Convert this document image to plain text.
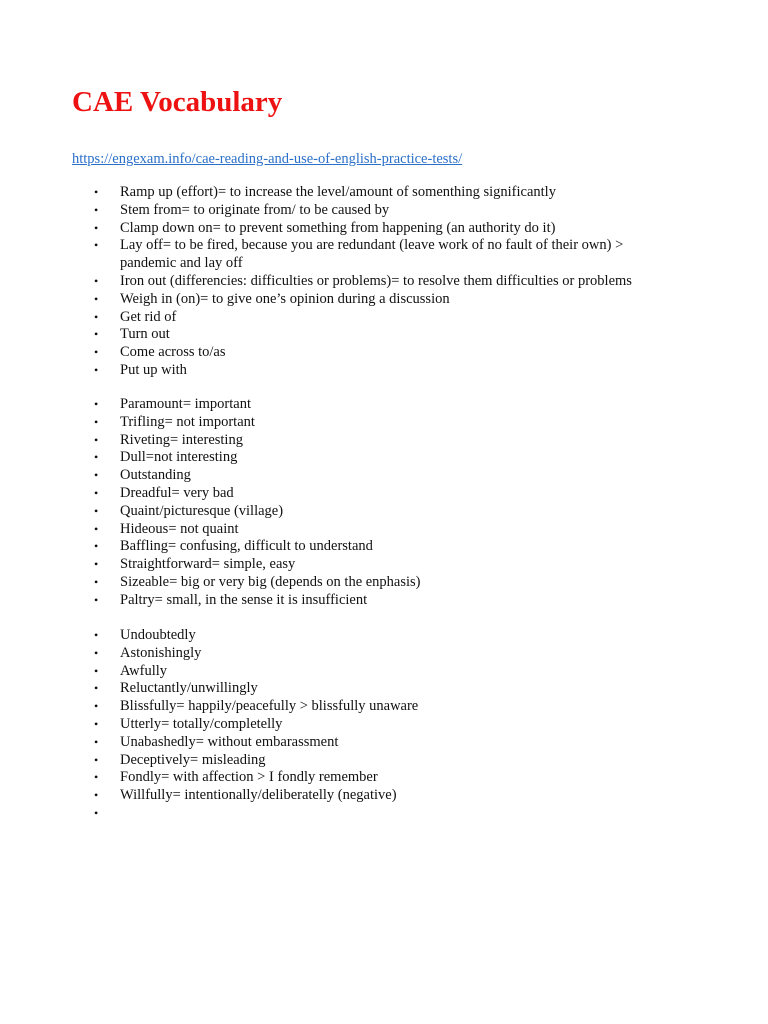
CAE Vocabulary
https://engexam.info/cae-reading-and-use-of-english-practice-tests/
• Ramp up (effort)= to increase the level/amount of somenthing significantly
• Stem from= to originate from/ to be caused by
• Clamp down on= to prevent something from happening (an authority do it)
• Lay off= to be fired, because you are redundant (leave work of no fault of their own) > pandemic and lay off
• Iron out (differencies: difficulties or problems)= to resolve them difficulties or problems
• Weigh in (on)= to give one’s opinion during a discussion
• Get rid of
• Turn out
• Come across to/as
• Put up with
• Paramount= important
• Trifling= not important
• Riveting= interesting
• Dull=not interesting
• Outstanding
• Dreadful= very bad
• Quaint/picturesque (village)
• Hideous= not quaint
• Baffling= confusing, difficult to understand
• Straightforward= simple, easy
• Sizeable= big or very big (depends on the enphasis)
• Paltry= small, in the sense it is insufficient
• Undoubtedly
• Astonishingly
• Awfully
• Reluctantly/unwillingly
• Blissfully= happily/peacefully > blissfully unaware
• Utterly= totally/completelly
• Unabashedly= without embarassment
• Deceptively= misleading
• Fondly= with affection > I fondly remember
• Willfully= intentionally/deliberatelly (negative)
•
